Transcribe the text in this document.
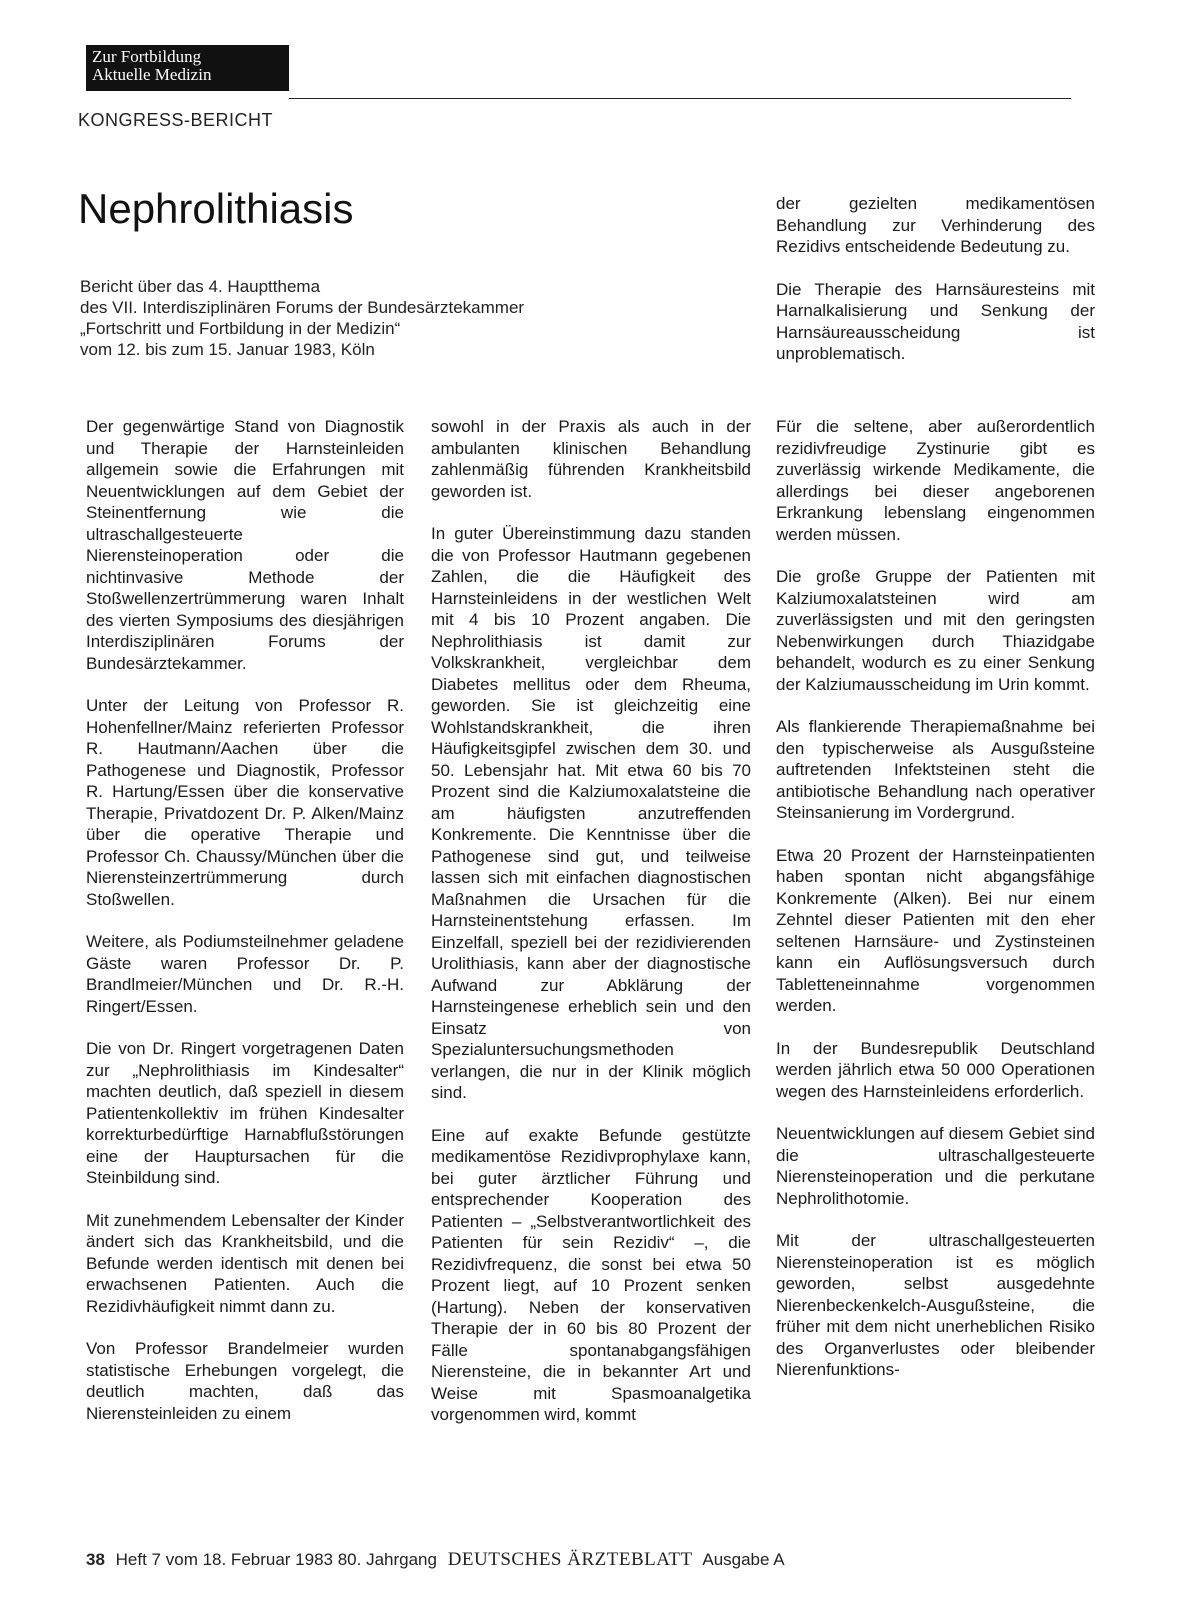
Zur Fortbildung
Aktuelle Medizin
KONGRESS-BERICHT
Nephrolithiasis
Bericht über das 4. Hauptthema
des VII. Interdisziplinären Forums der Bundesärztekammer
„Fortschritt und Fortbildung in der Medizin“
vom 12. bis zum 15. Januar 1983, Köln

Der gegenwärtige Stand von Diagnostik und Therapie der Harnsteinleiden allgemein sowie die Erfahrungen mit Neuentwicklungen auf dem Gebiet der Steinentfernung wie die ultraschallgesteuerte Nierensteinoperation oder die nichtinvasive Methode der Stoßwellenzertrümmerung waren Inhalt des vierten Symposiums des diesjährigen Interdisziplinären Forums der Bundesärztekammer.

Unter der Leitung von Professor R. Hohenfellner/Mainz referierten Professor R. Hautmann/Aachen über die Pathogenese und Diagnostik, Professor R. Hartung/Essen über die konservative Therapie, Privatdozent Dr. P. Alken/Mainz über die operative Therapie und Professor Ch. Chaussy/München über die Nierensteinzertrümmerung durch Stoßwellen.

Weitere, als Podiumsteilnehmer geladene Gäste waren Professor Dr. P. Brandlmeier/München und Dr. R.-H. Ringert/Essen.

Die von Dr. Ringert vorgetragenen Daten zur „Nephrolithiasis im Kindesalter“ machten deutlich, daß speziell in diesem Patientenkollektiv im frühen Kindesalter korrekturbedürftige Harnabflußstörungen eine der Hauptursachen für die Steinbildung sind.

Mit zunehmendem Lebensalter der Kinder ändert sich das Krankheitsbild, und die Befunde werden identisch mit denen bei erwachsenen Patienten. Auch die Rezidivhäufigkeit nimmt dann zu.

Von Professor Brandelmeier wurden statistische Erhebungen vorgelegt, die deutlich machten, daß das Nierensteinleiden zu einem

sowohl in der Praxis als auch in der ambulanten klinischen Behandlung zahlenmäßig führenden Krankheitsbild geworden ist.

In guter Übereinstimmung dazu standen die von Professor Hautmann gegebenen Zahlen, die die Häufigkeit des Harnsteinleidens in der westlichen Welt mit 4 bis 10 Prozent angaben. Die Nephrolithiasis ist damit zur Volkskrankheit, vergleichbar dem Diabetes mellitus oder dem Rheuma, geworden. Sie ist gleichzeitig eine Wohlstandskrankheit, die ihren Häufigkeitsgipfel zwischen dem 30. und 50. Lebensjahr hat. Mit etwa 60 bis 70 Prozent sind die Kalziumoxalatsteine die am häufigsten anzutreffenden Konkremente. Die Kenntnisse über die Pathogenese sind gut, und teilweise lassen sich mit einfachen diagnostischen Maßnahmen die Ursachen für die Harnsteinentstehung erfassen. Im Einzelfall, speziell bei der rezidivierenden Urolithiasis, kann aber der diagnostische Aufwand zur Abklärung der Harnsteingenese erheblich sein und den Einsatz von Spezialuntersuchungsmethoden verlangen, die nur in der Klinik möglich sind.

Eine auf exakte Befunde gestützte medikamentöse Rezidivprophylaxe kann, bei guter ärztlicher Führung und entsprechender Kooperation des Patienten – „Selbstverantwortlichkeit des Patienten für sein Rezidiv“ –, die Rezidivfrequenz, die sonst bei etwa 50 Prozent liegt, auf 10 Prozent senken (Hartung). Neben der konservativen Therapie der in 60 bis 80 Prozent der Fälle spontanabgangsfähigen Nierensteine, die in bekannter Art und Weise mit Spasmoanalgetika vorgenommen wird, kommt

der gezielten medikamentösen Behandlung zur Verhinderung des Rezidivs entscheidende Bedeutung zu.

Die Therapie des Harnsäuresteins mit Harnalkalisierung und Senkung der Harnsäureausscheidung ist unproblematisch.

Für die seltene, aber außerordentlich rezidivfreudige Zystinurie gibt es zuverlässig wirkende Medikamente, die allerdings bei dieser angeborenen Erkrankung lebenslang eingenommen werden müssen.

Die große Gruppe der Patienten mit Kalziumoxalatsteinen wird am zuverlässigsten und mit den geringsten Nebenwirkungen durch Thiazidgabe behandelt, wodurch es zu einer Senkung der Kalziumausscheidung im Urin kommt.

Als flankierende Therapiemaßnahme bei den typischerweise als Ausgußsteine auftretenden Infektsteinen steht die antibiotische Behandlung nach operativer Steinsanierung im Vordergrund.

Etwa 20 Prozent der Harnsteinpatienten haben spontan nicht abgangsfähige Konkremente (Alken). Bei nur einem Zehntel dieser Patienten mit den eher seltenen Harnsäure- und Zystinsteinen kann ein Auflösungsversuch durch Tabletteneinnahme vorgenommen werden.

In der Bundesrepublik Deutschland werden jährlich etwa 50 000 Operationen wegen des Harnsteinleidens erforderlich.

Neuentwicklungen auf diesem Gebiet sind die ultraschallgesteuerte Nierensteinoperation und die perkutane Nephrolithotomie.

Mit der ultraschallgesteuerten Nierensteinoperation ist es möglich geworden, selbst ausgedehnte Nierenbeckenkelch-Ausgußsteine, die früher mit dem nicht unerheblichen Risiko des Organverlustes oder bleibender Nierenfunktions-

38 Heft 7 vom 18. Februar 1983 80. Jahrgang DEUTSCHES ÄRZTEBLATT Ausgabe A
